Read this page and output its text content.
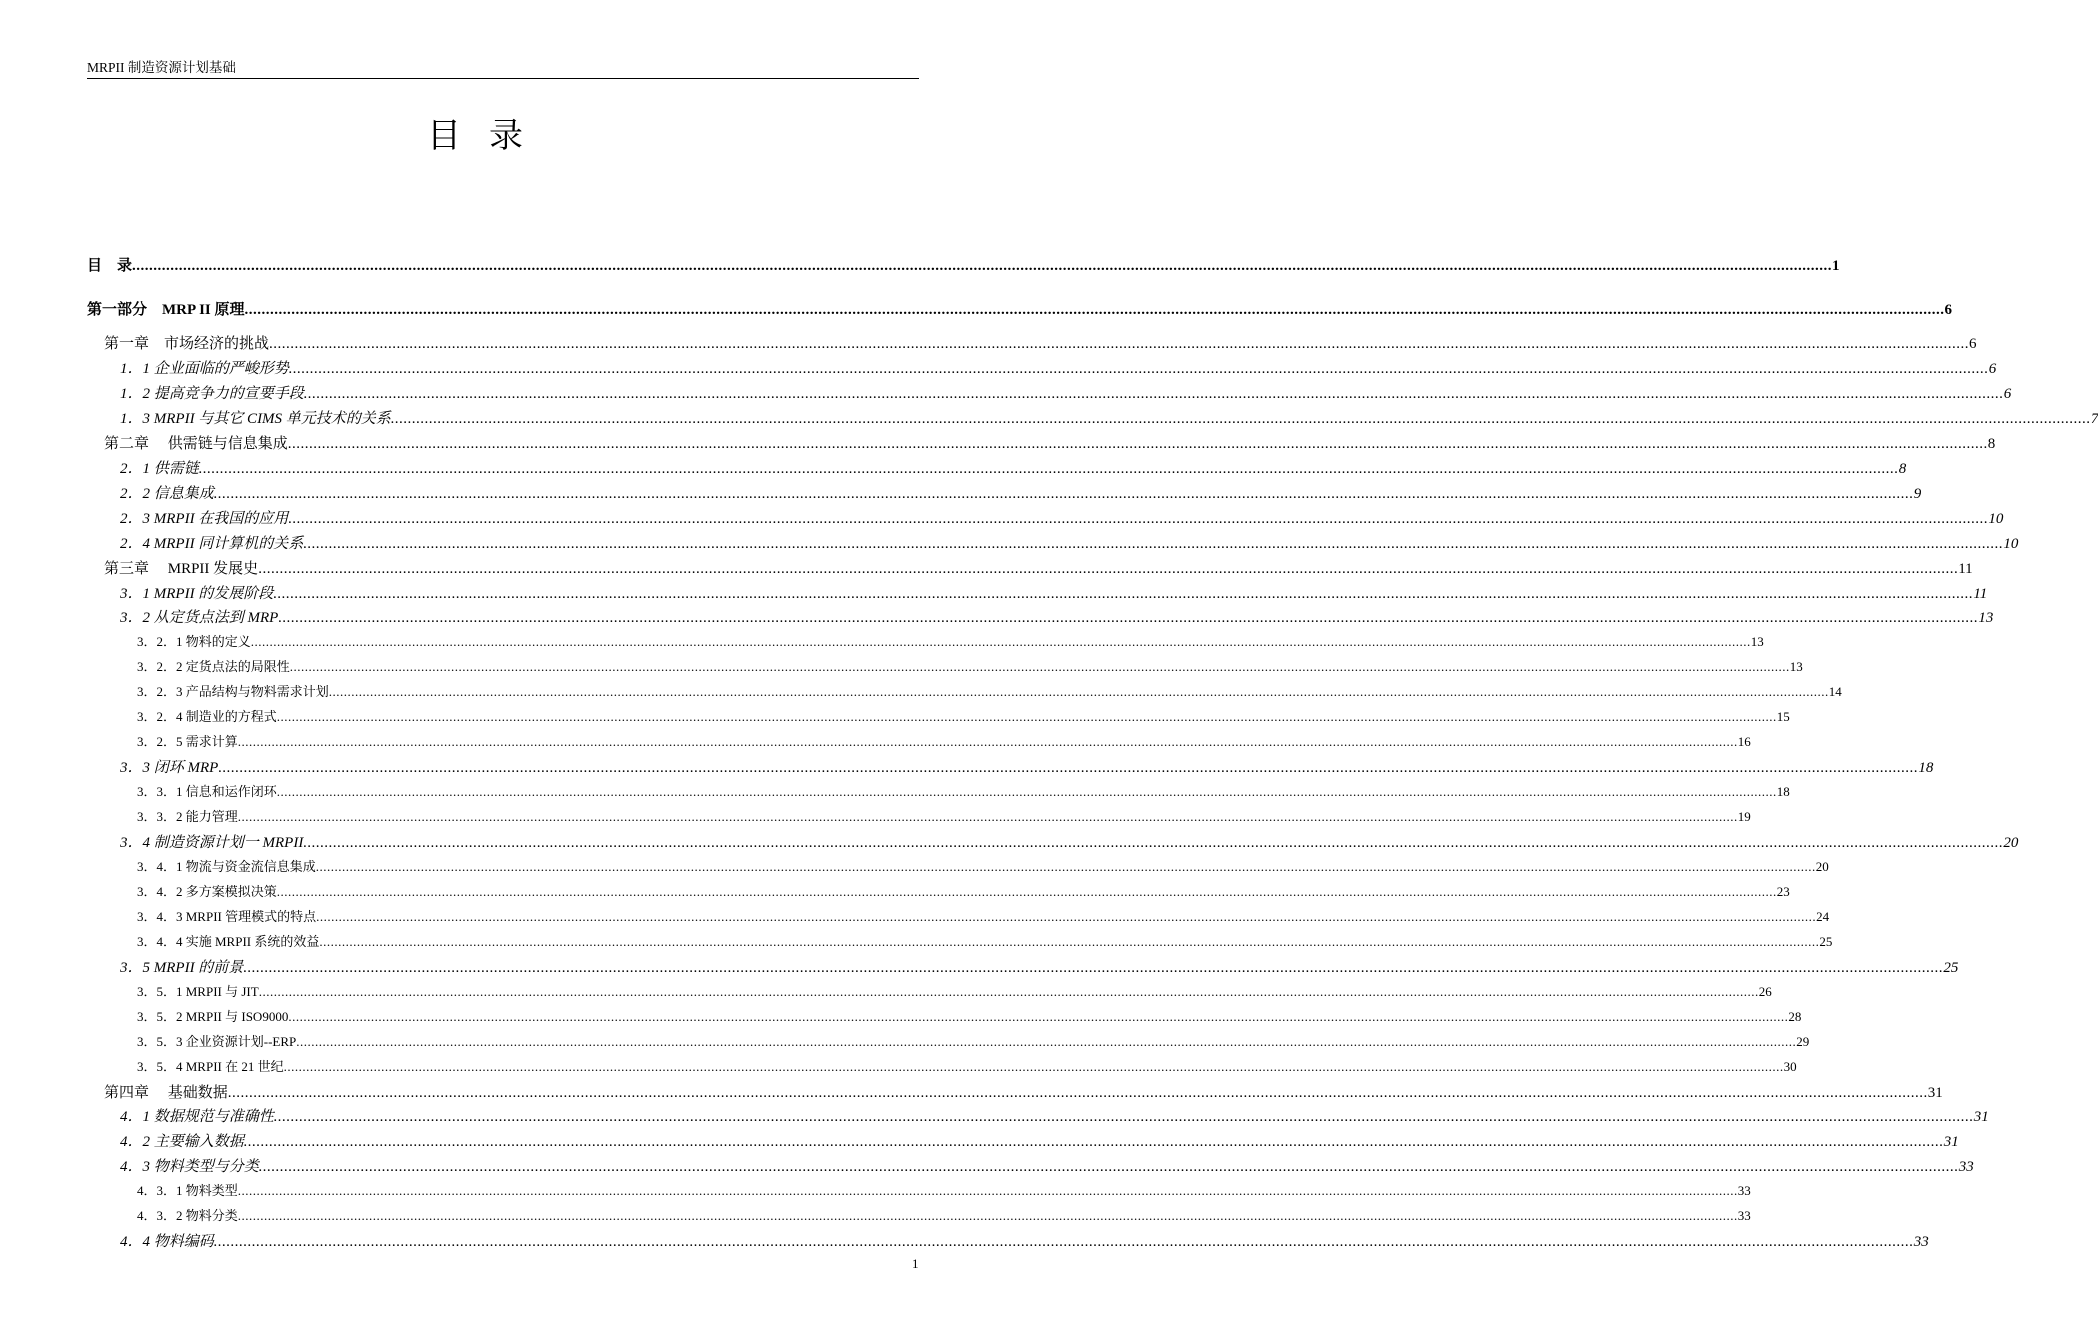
MRPII 制造资源计划基础
目录
目　录 ................................................................................................................................................................................................................................................................................................................................................................................................................ 1
第一部分　MRP II 原理 ................................................................................................................................................................................................................................................................................................................................................................................................................ 6
第一章　市场经济的挑战 ................................................................................................................................................................................................................................................................................................................................................................................................................ 6
1．1 企业面临的严峻形势 ................................................................................................................................................................................................................................................................................................................................................................................................................ 6
1．2 提高竞争力的宣要手段 ................................................................................................................................................................................................................................................................................................................................................................................................................ 6
1．3 MRPII 与其它 CIMS 单元技术的关系 ................................................................................................................................................................................................................................................................................................................................................................................................................ 7
第二章　 供需链与信息集成 ................................................................................................................................................................................................................................................................................................................................................................................................................ 8
2．1 供需链 ................................................................................................................................................................................................................................................................................................................................................................................................................ 8
2．2 信息集成 ................................................................................................................................................................................................................................................................................................................................................................................................................ 9
2．3 MRPII 在我国的应用 ................................................................................................................................................................................................................................................................................................................................................................................................................ 10
2．4 MRPII 同计算机的关系 ................................................................................................................................................................................................................................................................................................................................................................................................................ 10
第三章　 MRPII 发展史 ................................................................................................................................................................................................................................................................................................................................................................................................................ 11
3．1 MRPII 的发展阶段 ................................................................................................................................................................................................................................................................................................................................................................................................................ 11
3．2 从定货点法到 MRP ................................................................................................................................................................................................................................................................................................................................................................................................................ 13
3．2．1 物料的定义 ................................................................................................................................................................................................................................................................................................................................................................................................................ 13
3．2．2 定货点法的局限性 ................................................................................................................................................................................................................................................................................................................................................................................................................ 13
3．2．3 产品结构与物料需求计划 ................................................................................................................................................................................................................................................................................................................................................................................................................ 14
3．2．4 制造业的方程式 ................................................................................................................................................................................................................................................................................................................................................................................................................ 15
3．2．5 需求计算 ................................................................................................................................................................................................................................................................................................................................................................................................................ 16
3．3 闭环 MRP ................................................................................................................................................................................................................................................................................................................................................................................................................ 18
3．3．1 信息和运作闭环 ................................................................................................................................................................................................................................................................................................................................................................................................................ 18
3．3．2 能力管理 ................................................................................................................................................................................................................................................................................................................................................................................................................ 19
3．4 制造资源计划一 MRPII ................................................................................................................................................................................................................................................................................................................................................................................................................ 20
3．4．1 物流与资金流信息集成 ................................................................................................................................................................................................................................................................................................................................................................................................................ 20
3．4．2 多方案模拟决策 ................................................................................................................................................................................................................................................................................................................................................................................................................ 23
3．4．3 MRPII 管理模式的特点 ................................................................................................................................................................................................................................................................................................................................................................................................................ 24
3．4．4 实施 MRPII 系统的效益 ................................................................................................................................................................................................................................................................................................................................................................................................................ 25
3．5 MRPII 的前景 ................................................................................................................................................................................................................................................................................................................................................................................................................ 25
3．5．1 MRPII 与 JIT ................................................................................................................................................................................................................................................................................................................................................................................................................ 26
3．5．2 MRPII 与 ISO9000 ................................................................................................................................................................................................................................................................................................................................................................................................................ 28
3．5．3 企业资源计划--ERP ................................................................................................................................................................................................................................................................................................................................................................................................................ 29
3．5．4 MRPII 在 21 世纪 ................................................................................................................................................................................................................................................................................................................................................................................................................ 30
第四章　 基础数据 ................................................................................................................................................................................................................................................................................................................................................................................................................ 31
4．1 数据规范与准确性 ................................................................................................................................................................................................................................................................................................................................................................................................................ 31
4．2 主要输入数据 ................................................................................................................................................................................................................................................................................................................................................................................................................ 31
4．3 物料类型与分类 ................................................................................................................................................................................................................................................................................................................................................................................................................ 33
4．3．1 物料类型 ................................................................................................................................................................................................................................................................................................................................................................................................................ 33
4．3．2 物料分类 ................................................................................................................................................................................................................................................................................................................................................................................................................ 33
4．4 物料编码 ................................................................................................................................................................................................................................................................................................................................................................................................................ 33
1
